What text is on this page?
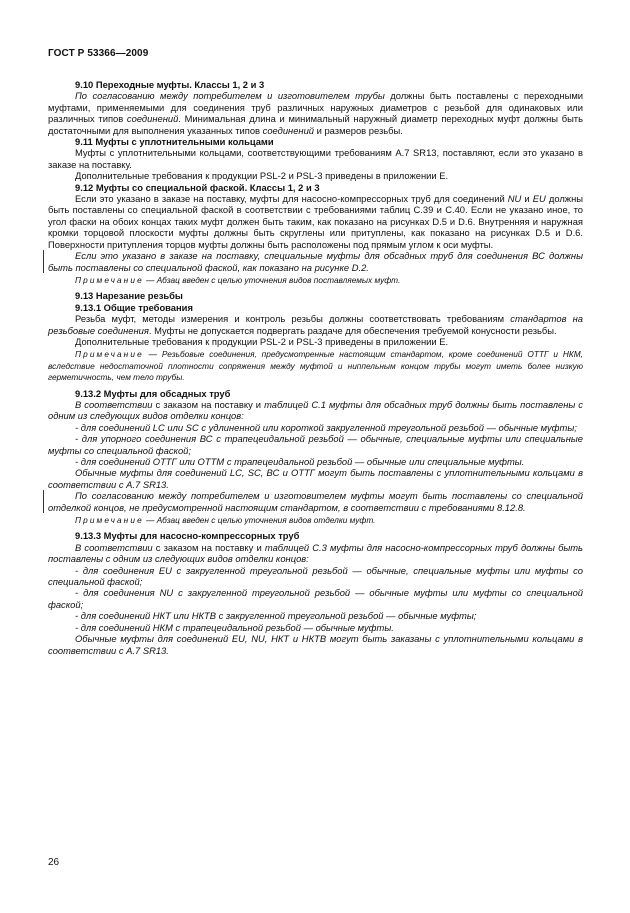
ГОСТ Р 53366—2009

9.10 Переходные муфты. Классы 1, 2 и 3

По согласованию между потребителем и изготовителем трубы должны быть поставлены с переходными муфтами, применяемыми для соединения труб различных наружных диаметров с резьбой для одинаковых или различных типов соединений. Минимальная длина и минимальный наружный диаметр переходных муфт должны быть достаточными для выполнения указанных типов соединений и размеров резьбы.

9.11 Муфты с уплотнительными кольцами

Муфты с уплотнительными кольцами, соответствующими требованиям А.7 SR13, поставляют, если это указано в заказе на поставку.

Дополнительные требования к продукции PSL-2 и PSL-3 приведены в приложении Е.

9.12 Муфты со специальной фаской. Классы 1, 2 и 3

Если это указано в заказе на поставку, муфты для насосно-компрессорных труб для соединений NU и EU должны быть поставлены со специальной фаской в соответствии с требованиями таблиц С.39 и С.40. Если не указано иное, то угол фаски на обоих концах таких муфт должен быть таким, как показано на рисунках D.5 и D.6. Внутренняя и наружная кромки торцовой плоскости муфты должны быть скруглены или притуплены, как показано на рисунках D.5 и D.6. Поверхности притупления торцов муфты должны быть расположены под прямым углом к оси муфты.

Если это указано в заказе на поставку, специальные муфты для обсадных труб для соединения ВС должны быть поставлены со специальной фаской, как показано на рисунке D.2.

Примечание — Абзац введен с целью уточнения видов поставляемых муфт.

9.13 Нарезание резьбы

9.13.1 Общие требования

Резьба муфт, методы измерения и контроль резьбы должны соответствовать требованиям стандартов на резьбовые соединения. Муфты не допускается подвергать раздаче для обеспечения требуемой конусности резьбы.

Дополнительные требования к продукции PSL-2 и PSL-3 приведены в приложении Е.

Примечание — Резьбовые соединения, предусмотренные настоящим стандартом, кроме соединений ОТТГ и НКМ, вследствие недостаточной плотности сопряжения между муфтой и ниппельным концом трубы могут иметь более низкую герметичность, чем тело трубы.

9.13.2 Муфты для обсадных труб

В соответствии с заказом на поставку и таблицей С.1 муфты для обсадных труб должны быть поставлены с одним из следующих видов отделки концов:

- для соединений LC или SC с удлиненной или короткой закругленной треугольной резьбой — обычные муфты;

- для упорного соединения ВС с трапецеидальной резьбой — обычные, специальные муфты или специальные муфты со специальной фаской;

- для соединений ОТТГ или ОТТМ с трапецеидальной резьбой — обычные или специальные муфты.

Обычные муфты для соединений LC, SC, ВС и ОТТГ могут быть поставлены с уплотнительными кольцами в соответствии с А.7 SR13.

По согласованию между потребителем и изготовителем муфты могут быть поставлены со специальной отделкой концов, не предусмотренной настоящим стандартом, в соответствии с требованиями 8.12.8.

Примечание — Абзац введен с целью уточнения видов отделки муфт.

9.13.3 Муфты для насосно-компрессорных труб

В соответствии с заказом на поставку и таблицей С.3 муфты для насосно-компрессорных труб должны быть поставлены с одним из следующих видов отделки концов:

- для соединения EU с закругленной треугольной резьбой — обычные, специальные муфты или муфты со специальной фаской;

- для соединения NU с закругленной треугольной резьбой — обычные муфты или муфты со специальной фаской;

- для соединений НКТ или НКТВ с закругленной треугольной резьбой — обычные муфты;

- для соединений НКМ с трапецеидальной резьбой — обычные муфты.

Обычные муфты для соединений EU, NU, НКТ и НКТВ могут быть заказаны с уплотнительными кольцами в соответствии с А.7 SR13.

26
